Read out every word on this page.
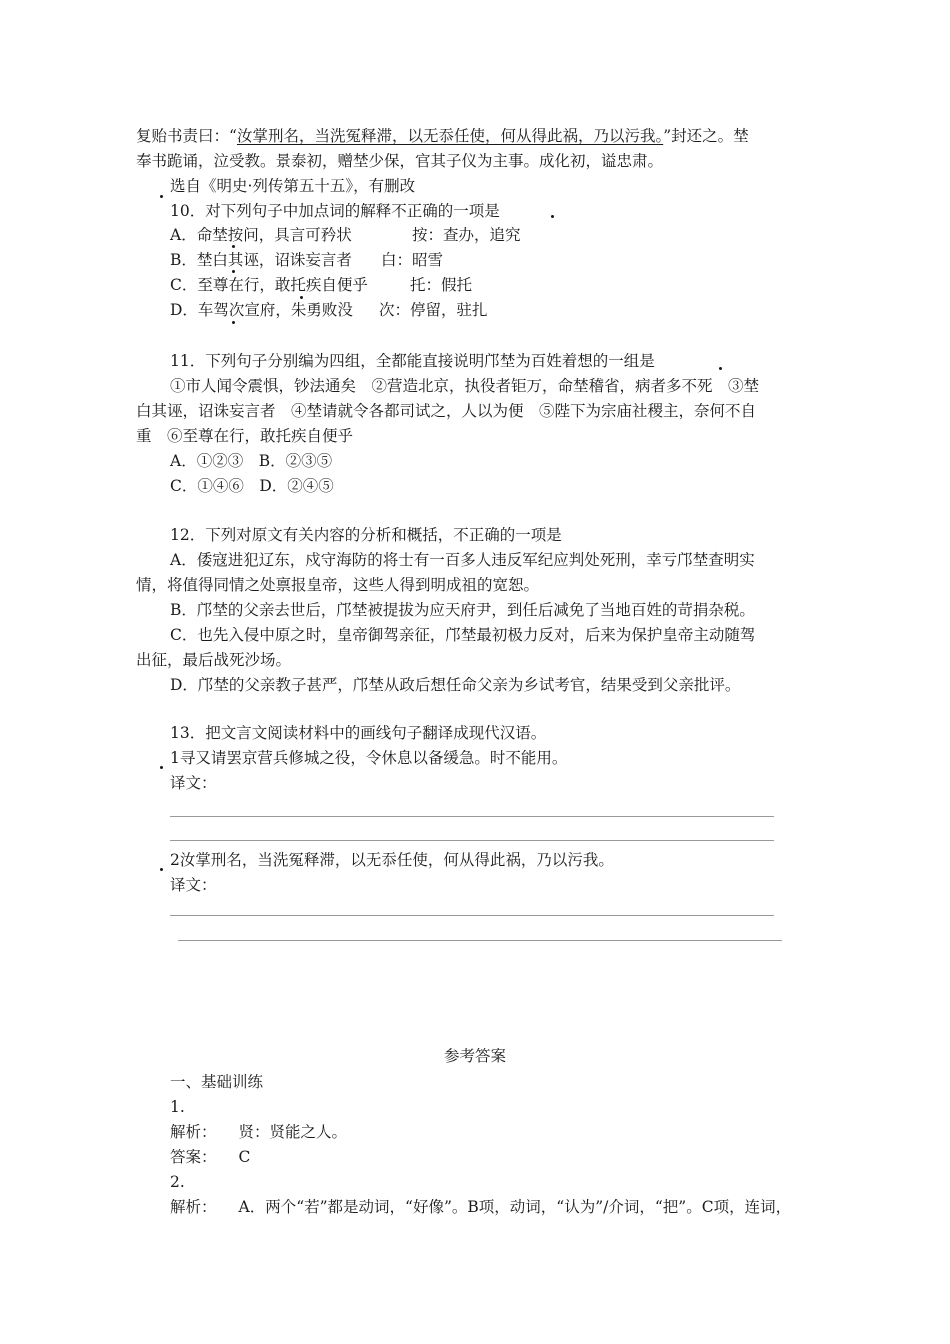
复贻书责曰：“汝掌刑名，当洗冤释滞，以无忝任使，何从得此祸，乃以污我。”封还之。埜
奉书跪诵，泣受教。景泰初，赠埜少保，官其子仪为主事。成化初，谥忠肃。
选自《明史·列传第五十五》，有删改
10．对下列句子中加点词的解释不正确的一项是
A．命埜按问，具言可矜状	按：查办，追究
B．埜白其诬，诏诛妄言者 白：昭雪
C．至尊在行，敢托疾自便乎	托：假托
D．车驾次宣府，朱勇败没 次：停留，驻扎
11．下列句子分别编为四组，全都能直接说明邝埜为百姓着想的一组是
①市人闻令震惧，钞法通矣　②营造北京，执役者钜万，命埜稽省，病者多不死　③埜
白其诬，诏诛妄言者　④埜请就令各都司试之，人以为便　⑤陛下为宗庙社稷主，奈何不自
重　⑥至尊在行，敢托疾自便乎
A．①②③　B．②③⑤
C．①④⑥　D．②④⑤
12．下列对原文有关内容的分析和概括，不正确的一项是
A．倭寇进犯辽东，戍守海防的将士有一百多人违反军纪应判处死刑，幸亏邝埜查明实
情，将值得同情之处禀报皇帝，这些人得到明成祖的宽恕。
B．邝埜的父亲去世后，邝埜被提拔为应天府尹，到任后减免了当地百姓的苛捐杂税。
C．也先入侵中原之时，皇帝御驾亲征，邝埜最初极力反对，后来为保护皇帝主动随驾
出征，最后战死沙场。
D．邝埜的父亲教子甚严，邝埜从政后想任命父亲为乡试考官，结果受到父亲批评。
13．把文言文阅读材料中的画线句子翻译成现代汉语。
1寻又请罢京营兵修城之役，令休息以备缓急。时不能用。
译文：
2汝掌刑名，当洗冤释滞，以无忝任使，何从得此祸，乃以污我。
译文：
参考答案
一、基础训练
1.
解析： 贤：贤能之人。
答案： C
2.
解析： A．两个“若”都是动词，“好像”。B项，动词，“认为”/介词，“把”。C项，连词，
